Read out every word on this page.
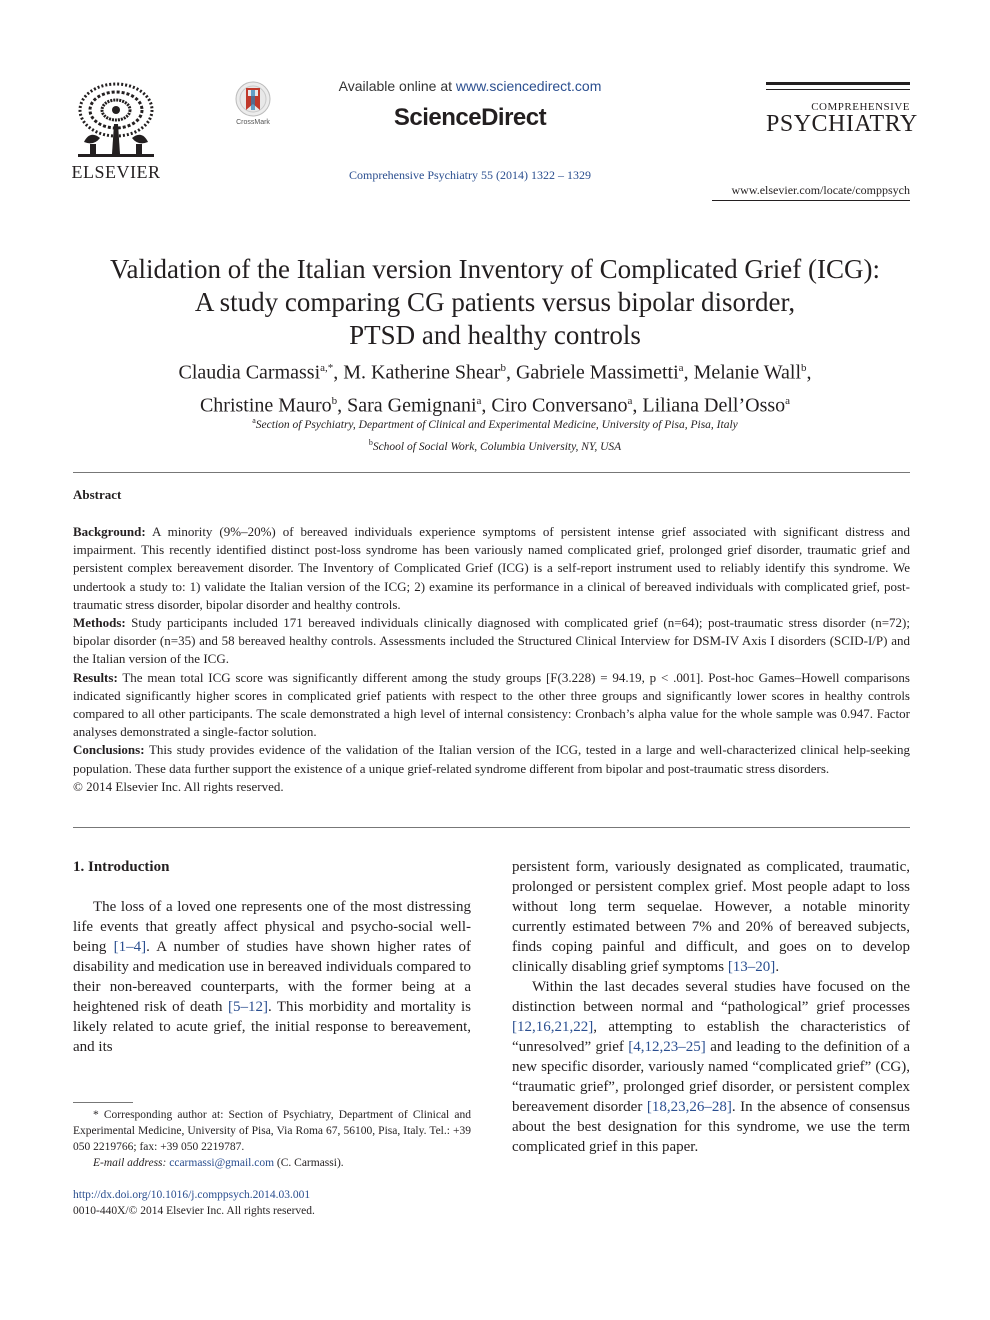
ELSEVIER
CrossMark
Available online at www.sciencedirect.com
ScienceDirect
Comprehensive Psychiatry 55 (2014) 1322 – 1329
COMPREHENSIVE
PSYCHIATRY
www.elsevier.com/locate/comppsych
Validation of the Italian version Inventory of Complicated Grief (ICG):
A study comparing CG patients versus bipolar disorder,
PTSD and healthy controls
Claudia Carmassi$^{a,*}$, M. Katherine Shear$^b$, Gabriele Massimetti$^a$, Melanie Wall$^b$,
Christine Mauro$^b$, Sara Gemignani$^a$, Ciro Conversano$^a$, Liliana Dell’Osso$^a$
$^a$Section of Psychiatry, Department of Clinical and Experimental Medicine, University of Pisa, Pisa, Italy
$^b$School of Social Work, Columbia University, NY, USA
Abstract

Background: A minority (9%–20%) of bereaved individuals experience symptoms of persistent intense grief associated with significant distress and impairment. This recently identified distinct post-loss syndrome has been variously named complicated grief, prolonged grief disorder, traumatic grief and persistent complex bereavement disorder. The Inventory of Complicated Grief (ICG) is a self-report instrument used to reliably identify this syndrome. We undertook a study to: 1) validate the Italian version of the ICG; 2) examine its performance in a clinical of bereaved individuals with complicated grief, post-traumatic stress disorder, bipolar disorder and healthy controls.

Methods: Study participants included 171 bereaved individuals clinically diagnosed with complicated grief (n=64); post-traumatic stress disorder (n=72); bipolar disorder (n=35) and 58 bereaved healthy controls. Assessments included the Structured Clinical Interview for DSM-IV Axis I disorders (SCID-I/P) and the Italian version of the ICG.

Results: The mean total ICG score was significantly different among the study groups [F(3.228) = 94.19, p < .001]. Post-hoc Games–Howell comparisons indicated significantly higher scores in complicated grief patients with respect to the other three groups and significantly lower scores in healthy controls compared to all other participants. The scale demonstrated a high level of internal consistency: Cronbach’s alpha value for the whole sample was 0.947. Factor analyses demonstrated a single-factor solution.

Conclusions: This study provides evidence of the validation of the Italian version of the ICG, tested in a large and well-characterized clinical help-seeking population. These data further support the existence of a unique grief-related syndrome different from bipolar and post-traumatic stress disorders.

© 2014 Elsevier Inc. All rights reserved.

1. Introduction

The loss of a loved one represents one of the most distressing life events that greatly affect physical and psycho-social well-being [1–4]. A number of studies have shown higher rates of disability and medication use in bereaved individuals compared to their non-bereaved counterparts, with the former being at a heightened risk of death [5–12]. This morbidity and mortality is likely related to acute grief, the initial response to bereavement, and its

persistent form, variously designated as complicated, traumatic, prolonged or persistent complex grief. Most people adapt to loss without long term sequelae. However, a notable minority currently estimated between 7% and 20% of bereaved subjects, finds coping painful and difficult, and goes on to develop clinically disabling grief symptoms [13–20].

Within the last decades several studies have focused on the distinction between normal and “pathological” grief processes [12,16,21,22], attempting to establish the characteristics of “unresolved” grief [4,12,23–25] and leading to the definition of a new specific disorder, variously named “complicated grief” (CG), “traumatic grief”, prolonged grief disorder, or persistent complex bereavement disorder [18,23,26–28]. In the absence of consensus about the best designation for this syndrome, we use the term complicated grief in this paper.

* Corresponding author at: Section of Psychiatry, Department of Clinical and Experimental Medicine, University of Pisa, Via Roma 67, 56100, Pisa, Italy. Tel.: +39 050 2219766; fax: +39 050 2219787.

E-mail address: ccarmassi@gmail.com (C. Carmassi).

http://dx.doi.org/10.1016/j.comppsych.2014.03.001

0010-440X/© 2014 Elsevier Inc. All rights reserved.
